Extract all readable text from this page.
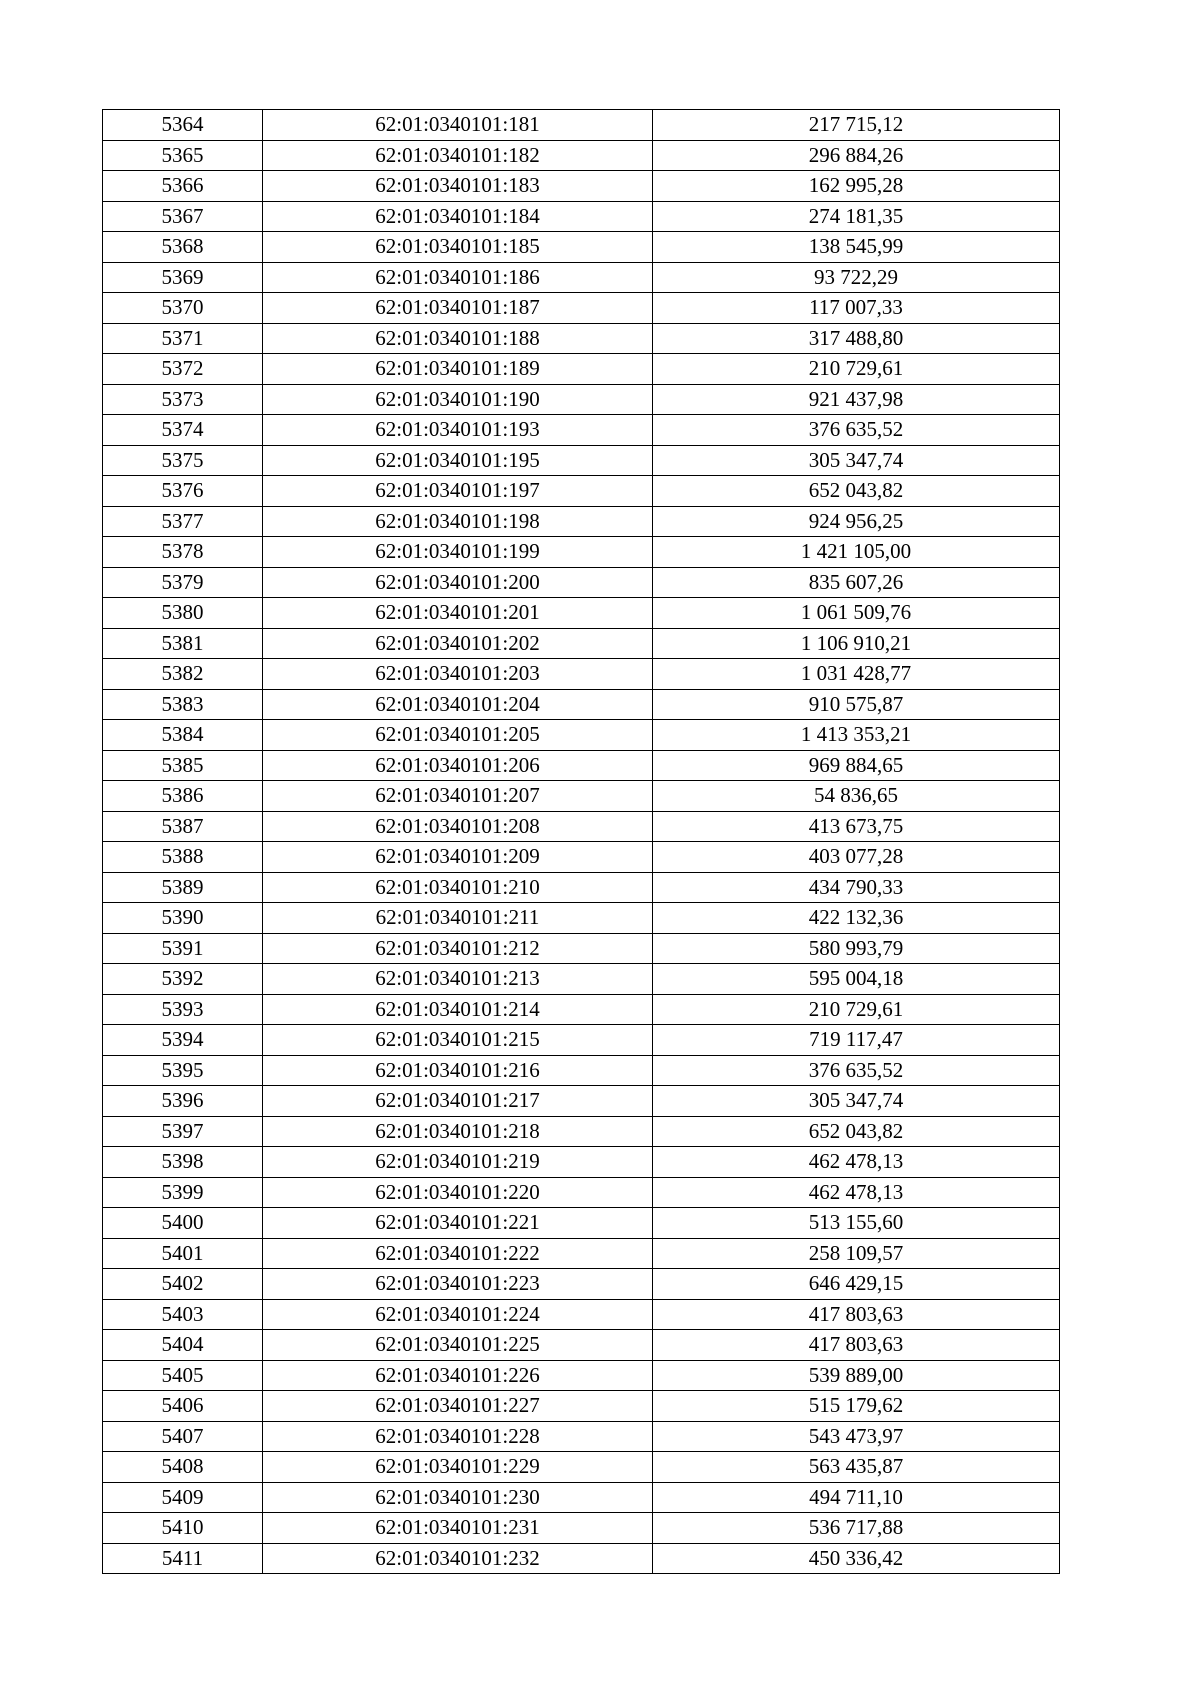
5364	62:01:0340101:181	217 715,12
5365	62:01:0340101:182	296 884,26
5366	62:01:0340101:183	162 995,28
5367	62:01:0340101:184	274 181,35
5368	62:01:0340101:185	138 545,99
5369	62:01:0340101:186	93 722,29
5370	62:01:0340101:187	117 007,33
5371	62:01:0340101:188	317 488,80
5372	62:01:0340101:189	210 729,61
5373	62:01:0340101:190	921 437,98
5374	62:01:0340101:193	376 635,52
5375	62:01:0340101:195	305 347,74
5376	62:01:0340101:197	652 043,82
5377	62:01:0340101:198	924 956,25
5378	62:01:0340101:199	1 421 105,00
5379	62:01:0340101:200	835 607,26
5380	62:01:0340101:201	1 061 509,76
5381	62:01:0340101:202	1 106 910,21
5382	62:01:0340101:203	1 031 428,77
5383	62:01:0340101:204	910 575,87
5384	62:01:0340101:205	1 413 353,21
5385	62:01:0340101:206	969 884,65
5386	62:01:0340101:207	54 836,65
5387	62:01:0340101:208	413 673,75
5388	62:01:0340101:209	403 077,28
5389	62:01:0340101:210	434 790,33
5390	62:01:0340101:211	422 132,36
5391	62:01:0340101:212	580 993,79
5392	62:01:0340101:213	595 004,18
5393	62:01:0340101:214	210 729,61
5394	62:01:0340101:215	719 117,47
5395	62:01:0340101:216	376 635,52
5396	62:01:0340101:217	305 347,74
5397	62:01:0340101:218	652 043,82
5398	62:01:0340101:219	462 478,13
5399	62:01:0340101:220	462 478,13
5400	62:01:0340101:221	513 155,60
5401	62:01:0340101:222	258 109,57
5402	62:01:0340101:223	646 429,15
5403	62:01:0340101:224	417 803,63
5404	62:01:0340101:225	417 803,63
5405	62:01:0340101:226	539 889,00
5406	62:01:0340101:227	515 179,62
5407	62:01:0340101:228	543 473,97
5408	62:01:0340101:229	563 435,87
5409	62:01:0340101:230	494 711,10
5410	62:01:0340101:231	536 717,88
5411	62:01:0340101:232	450 336,42
